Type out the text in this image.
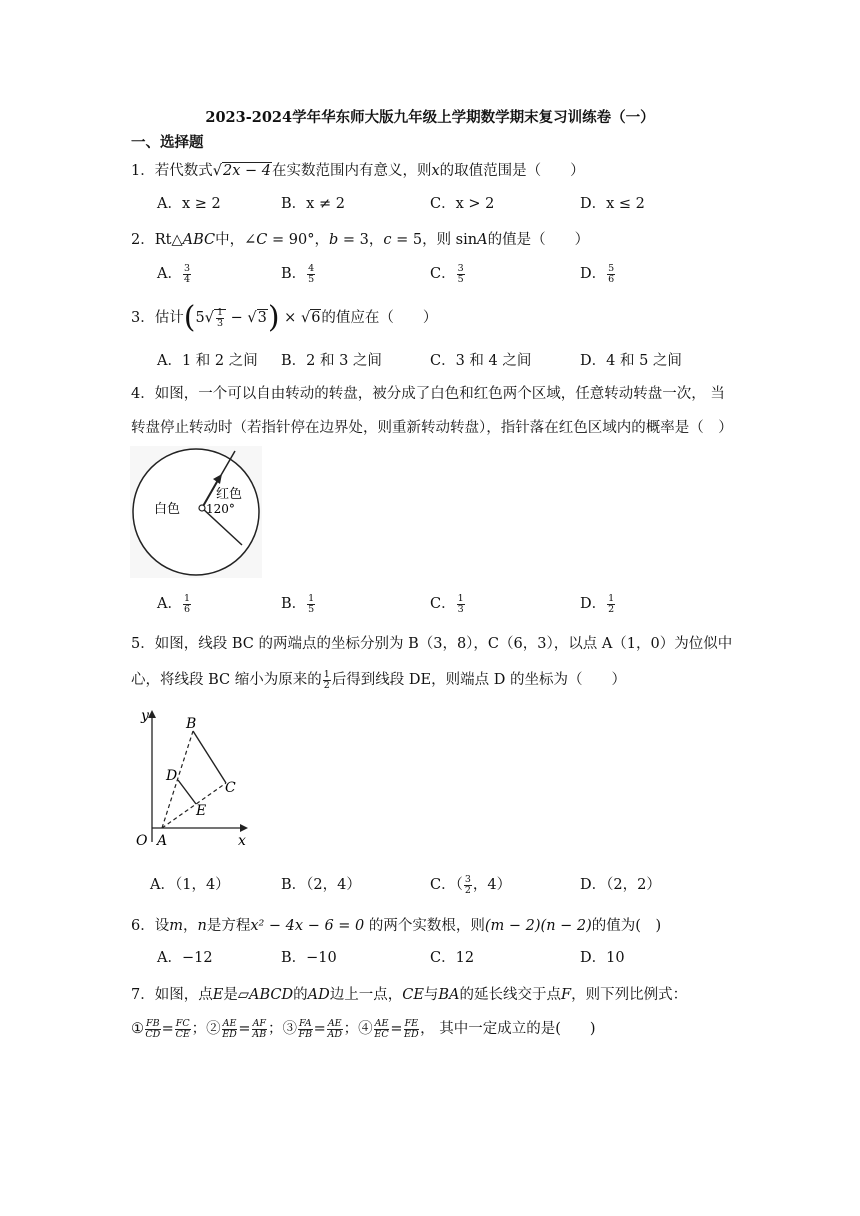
2023-2024学年华东师大版九年级上学期数学期末复习训练卷（一）
一、选择题
1．若代数式√2x − 4在实数范围内有意义，则x的取值范围是（　　）
A．x ≥ 2	B．x ≠ 2	C．x > 2	D．x ≤ 2
2．Rt△ABC中，∠C = 90°，b = 3，c = 5，则 sinA的值是（　　）
A． $\frac{3}{4}$	B． $\frac{4}{5}$	C． $\frac{3}{5}$	D． $\frac{5}{6}$
3．估计$(5√ \frac{1}{3} - √3) \times √6$的值应在（　　）
A．1 和 2 之间 B．2 和 3 之间	C．3 和 4 之间	D．4 和 5 之间
4．如图，一个可以自由转动的转盘，被分成了白色和红色两个区域，任意转动转盘一次， 当
转盘停止转动时（若指针停在边界处，则重新转动转盘），指针落在红色区域内的概率是（　）
白色
红色
120°
A． $\frac{1}{6}$	B． $\frac{1}{5}$	C． $\frac{1}{3}$	D． $\frac{1}{2}$
5．如图，线段 BC 的两端点的坐标分别为 B（3，8），C（6，3），以点 A（1，0）为位似中
心，将线段 BC 缩小为原来的 $\frac{1}{2}$ 后得到线段 DE，则端点 D 的坐标为（　　）
y
x
O A
B
C
D
E
A．（1，4）	B．（2，4）	C．（ $\frac{3}{2}$ ，4）	D．（2，2）
6．设m，n是方程x² − 4x − 6 = 0 的两个实数根，则(m − 2)(n − 2)的值为(　)
A．−12	B．−10	C．12	D．10
7．如图，点E是▱ABCD的AD边上一点，CE与BA的延长线交于点F，则下列比例式：
① $\frac{FB}{CD} = \frac{FC}{CE}$ ；② $\frac{AE}{ED} = \frac{AF}{AB}$ ；③ $\frac{FA}{FB} = \frac{AE}{AD}$ ；④ $\frac{AE}{EC} = \frac{FE}{ED}$ ， 其中一定成立的是(　　)
